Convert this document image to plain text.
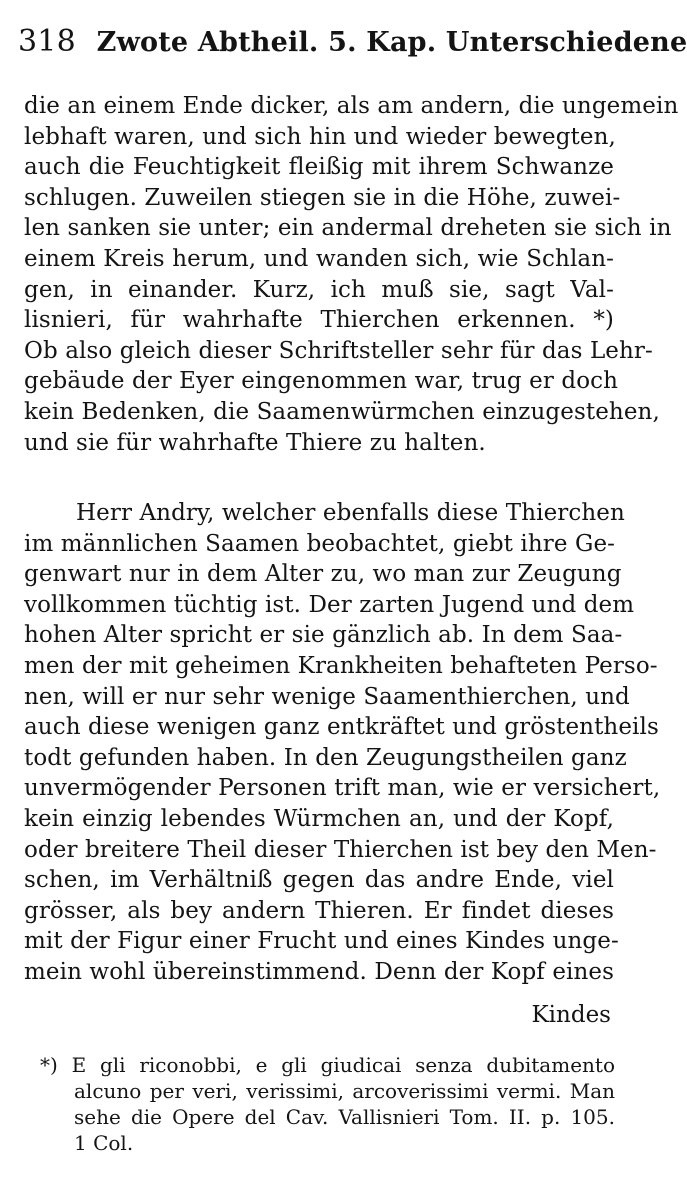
318 Zwote Abtheil. 5. Kap. Unterschiedene
die an einem Ende dicker, als am andern, die ungemein
lebhaft waren, und sich hin und wieder bewegten,
auch die Feuchtigkeit fleißig mit ihrem Schwanze
schlugen. Zuweilen stiegen sie in die Höhe, zuwei-
len sanken sie unter; ein andermal dreheten sie sich in
einem Kreis herum, und wanden sich, wie Schlan-
gen, in einander. Kurz, ich muß sie, sagt Val-
lisnieri, für wahrhafte Thierchen erkennen. *)
Ob also gleich dieser Schriftsteller sehr für das Lehr-
gebäude der Eyer eingenommen war, trug er doch
kein Bedenken, die Saamenwürmchen einzugestehen,
und sie für wahrhafte Thiere zu halten.
Herr Andry, welcher ebenfalls diese Thierchen
im männlichen Saamen beobachtet, giebt ihre Ge-
genwart nur in dem Alter zu, wo man zur Zeugung
vollkommen tüchtig ist. Der zarten Jugend und dem
hohen Alter spricht er sie gänzlich ab. In dem Saa-
men der mit geheimen Krankheiten behafteten Perso-
nen, will er nur sehr wenige Saamenthierchen, und
auch diese wenigen ganz entkräftet und gröstentheils
todt gefunden haben. In den Zeugungstheilen ganz
unvermögender Personen trift man, wie er versichert,
kein einzig lebendes Würmchen an, und der Kopf,
oder breitere Theil dieser Thierchen ist bey den Men-
schen, im Verhältniß gegen das andre Ende, viel
grösser, als bey andern Thieren. Er findet dieses
mit der Figur einer Frucht und eines Kindes unge-
mein wohl übereinstimmend. Denn der Kopf eines
Kindes
*) E gli riconobbi, e gli giudicai senza dubitamento
alcuno per veri, verissimi, arcoverissimi vermi. Man
sehe die Opere del Cav. Vallisnieri Tom. II. p. 105.
1 Col.
